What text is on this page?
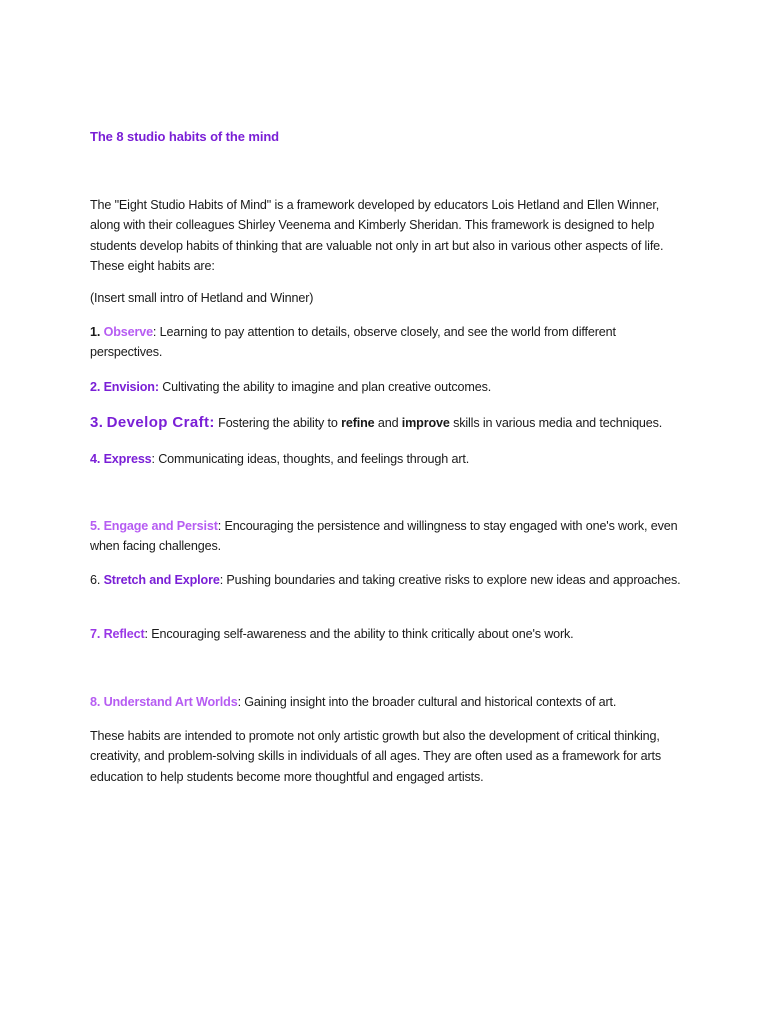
The 8 studio habits of the mind

The "Eight Studio Habits of Mind" is a framework developed by educators Lois Hetland and Ellen Winner, along with their colleagues Shirley Veenema and Kimberly Sheridan. This framework is designed to help students develop habits of thinking that are valuable not only in art but also in various other aspects of life. These eight habits are:

(Insert small intro of Hetland and Winner)

1. Observe: Learning to pay attention to details, observe closely, and see the world from different perspectives.

2. Envision: Cultivating the ability to imagine and plan creative outcomes.

3. Develop Craft: Fostering the ability to refine and improve skills in various media and techniques.

4. Express: Communicating ideas, thoughts, and feelings through art.

5. Engage and Persist: Encouraging the persistence and willingness to stay engaged with one's work, even when facing challenges.

6. Stretch and Explore: Pushing boundaries and taking creative risks to explore new ideas and approaches.

7. Reflect: Encouraging self-awareness and the ability to think critically about one's work.

8. Understand Art Worlds: Gaining insight into the broader cultural and historical contexts of art.

These habits are intended to promote not only artistic growth but also the development of critical thinking, creativity, and problem-solving skills in individuals of all ages. They are often used as a framework for arts education to help students become more thoughtful and engaged artists.
